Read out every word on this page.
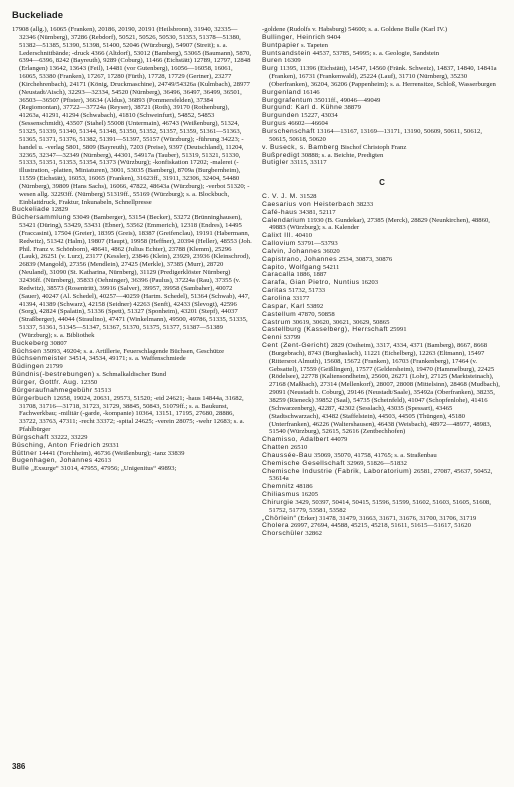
Buckeliade
17908 (allg.), 16065 (Franken), 20186, 20190, 20191 (Heilsbronn), 31940, 32335—32346 (Nürnberg), 37286 (Rebdorf), 50521, 50526, 50530, 51353, 51378—51380, 51382—51385, 51390, 51398, 51400, 52046 (Würzburg), 54907 (Streit); s. a. Lederschnittbände; -druck 4366 (Altdorf), 53012 (Bamberg), 53065 (Baumann), 5870, 6394—6396, 8242 (Bayreuth), 9289 (Coburg), 11466 (Eichstätt) 12789, 12797, 12848 (Erlangen) 13642, 13643 (Feil), 14481 (vor Gutenberg), 16056—16058, 16061, 16065, 53380 (Franken), 17267, 17280 (Fürth), 17728, 17729 (Gertner), 23277 (Kirchehrenbach), 24171 (König, Druckmaschine), 24749/54326a (Kulmbach), 28977 (Neustadt/Aisch), 32293—32334, 54520 (Nürnberg), 36496, 36497, 36499, 36501, 36503—36507 (Pfister), 36634 (Aldus), 36893 (Pommersfelden), 37384 (Regiomontan), 37722—37724a (Reyser), 38721 (Roth), 39170 (Rothenburg), 41263a, 41291, 41294 (Schwabach), 41810 (Schweinfurt), 54852, 54853 (Sessenschmidt), 43507 (Stahel) 55008 (Untermain), 46743 (Weißenburg), 51324, 51325, 51339, 51340, 51344, 51348, 51350, 51352, 51357, 51359, 51361—51363, 51365, 51371, 51376, 51382, 51391—51397, 55157 (Würzburg); -führung 34223; -handel u. -verlag 5801, 5809 (Bayreuth), 7203 (Preise), 9397 (Deutschland), 11204, 32365, 32347—32349 (Nürnberg), 44301, 54917a (Tauber), 51319, 51321, 51330, 51333, 51351, 51353, 51354, 51373 (Würzburg); -konfiskation 17202; -malerei (-illustration, -platten, Miniaturen), 3001, 53035 (Bamberg), 8709a (Burgbernheim), 11559 (Eichstätt), 16053, 16065 (Franken), 31623ff., 31911, 32306, 32404, 54480 (Nürnberg), 39809 (Hans Sachs), 16066, 47822, 48643a (Würzburg); -verbot 51320; -wesen allg. 32293ff. (Nürnberg) 51319ff., 55169 (Würzburg); s. a. Blockbuch, Einblattdruck, Fraktur, Inkunabeln, Schnellpresse
Buckeliade 12829
Büchersammlung 53049 (Bamberger), 53154 (Becker), 53272 (Brünninghausen), 53421 (Düring), 53429, 53431 (Ebner), 53562 (Emmerich), 12318 (Endres), 14495 (Fraccasini), 17504 (Greier), 18395 (Greis), 18387 (Greifenclau), 19191 (Habermann, Redwitz), 51342 (Halm), 19807 (Haupt), 19958 (Heffner), 20394 (Heller), 48553 (Joh. Phil. Franz v. Schönborn), 48641, 4862 (Julius Echter), 23788 (Klemm), 25296 (Lauk), 26251 (v. Lurz), 23177 (Kessler), 23846 (Klein), 23929, 23936 (Kleinschrod), 26839 (Mangold), 27356 (Mendlein), 27425 (Merkle), 37385 (Murr), 28720 (Neuland), 31090 (St. Katharina, Nürnberg), 31129 (Predigerklöster Nürnberg) 32436ff. (Nürnberg), 35833 (Oehninger), 36396 (Paulus), 37224a (Rau), 37355 (v. Redwitz), 38573 (Rosentritt), 39916 (Salver), 39957, 39958 (Sambaher), 40072 (Sauer), 40247 (Al. Schedel), 40257—40259 (Hartm. Schedel), 51364 (Schwab), 447, 41394, 41389 (Schwarz), 42158 (Seidner) 42263 (Senft), 42433 (Slevogt), 42596 (Sorg), 42824 (Spalatin), 51336 (Spett), 51327 (Sponheim), 43201 (Stepf), 44037 (Straßberger), 44044 (Straulino), 47471 (Winkelmann), 49500, 49786, 51335, 51335, 51337, 51361, 51345—51347, 51367, 51370, 51375, 51377, 51387—51389 (Würzburg); s. a. Bibliothek
Buckeberg 30807
Büchsen 35093, 49204; s. a. Artillerie, Feuerschlagende Büchsen, Geschütze
Büchsenmeister 34514, 34534, 49171; s. a. Waffenschmiede
Büdingen 21799
Bündnis(-bestrebungen) s. Schmalkaldischer Bund
Bürger, Gottfr. Aug. 12350
Bürgeraufnahmegebühr 51513
Bürgerbuch 12658, 19024, 20631, 29573, 51520; -eid 24621; -haus 14844a, 31682, 31708, 31716—31718, 31723, 31729, 38845, 50843, 51079ff.; s. a. Baukunst, Fachwerkbau; -militär (-garde, -kompanie) 10364, 13151, 17195, 27680, 28886, 33722, 33763, 47311; -recht 33372; -spital 24625; -verein 28075; -wehr 12683; s. a. Pfahlbürger
Bürgschaft 33222, 33229
Büsching, Anton Friedrich 29331
Büttner 14441 (Forchheim), 46736 (Weißenburg); -tanz 33839
Bugenhagen, Johannes 42613
Bulle „Exsurge“ 31014, 47955, 47956; „Unigenitus“ 49893;
-goldene (Rudolfs v. Habsburg) 54600; s. a. Goldene Bulle (Karl IV.)
Bullinger, Heinrich 9404
Buntpapier s. Tapeten
Buntsandstein 44537, 53785, 54995; s. a. Geologie, Sandstein
Buren 16309
Burg 11395, 11396 (Eichstätt), 14547, 14560 (Fränk. Schweiz), 14837, 14840, 14841a (Franken), 16731 (Frankenwald), 25224 (Lauf), 31710 (Nürnberg), 35230 (Oberfranken), 36204, 36206 (Pappenheim); s. a. Herrensitze, Schloß, Wasserburgen
Burgenland 16146
Burggrafentum 35011ff., 49046—49049
Burgund: Karl d. Kühne 38879
Burgunden 15227, 43034
Burgus 46602—46604
Burschenschaft 13164—13167, 13169—13171, 13190, 50609, 50611, 50612, 50615, 50618, 50620
v. Buseck, s. Bamberg Bischof Christoph Franz
Bußpredigt 30888; s. a. Beichte, Predigten
Butigler 33115, 33117
C
C. V. J. M. 31528
Caesarius von Heisterbach 38233
Café-haus 34381, 52117
Calendarium 11930 (B. Gundekar), 27385 (Merck), 28829 (Neunkirchen), 48860, 49883 (Würzburg); s. a. Kalender
Calixt III. 40410
Callovium 53791—53793
Calvin, Johannes 36020
Capistrano, Johannes 2534, 30873, 30876
Capito, Wolfgang 54211
Caracalla 1886, 1887
Carafa, Gian Pietro, Nuntius 16203
Caritas 51732, 51733
Carolina 33177
Caspar, Karl 53892
Castellum 47870, 50858
Castrum 30619, 30620, 30621, 30629, 50865
Castellburg (Kasselberg), Herrschaft 25991
Cenni 53799
Cent (Zent-Gericht) 2829 (Ostheim), 3317, 4334, 4371 (Bamberg), 8667, 8668 (Burgebrach), 8743 (Burghaslach), 11221 (Eichelberg), 12263 (Eltmann), 15497 (Rittersrot Almuth), 15608, 15672 (Franken), 16703 (Frankenberg), 17464 (v. Gebsattel), 17559 (Geißlingen), 17577 (Geldersheim), 19470 (Hammelburg), 22425 (Rödelsee), 22778 (Kaltensondheim), 25600, 26271 (Lohr), 27125 (Marktsteinach), 27168 (Maßbach), 27314 (Mellenkorf), 28007, 28008 (Mittelsinn), 28468 (Mudbach), 29091 (Neustadt b. Coburg), 29146 (Neustadt/Saale), 35492a (Oberfranken), 38235, 38259 (Rieneck) 39852 (Saal), 54735 (Scheinfeld), 41047 (Schopfenlohe), 41416 (Schwarzenberg), 42287, 42302 (Sesslach), 43035 (Spessart), 43465 (Stadtschwarzach), 43482 (Staffelstein), 44503, 44505 (Thüngen), 45180 (Unterfranken), 46226 (Waltershausen), 46438 (Weisbach), 48972—48977, 48983, 51540 (Würzburg), 52615, 52616 (Zentbechhofen)
Chamisso, Adalbert 44079
Chatten 26510
Chaussée-Bau 35069, 35070, 41758, 41765; s. a. Straßenbau
Chemische Gesellschaft 32969, 51826—51832
Chemische Industrie (Fabrik, Laboratorium) 26581, 27087, 45637, 50452, 53614a
Chemnitz 48186
Chiliasmus 16205
Chirurgie 3429, 50397, 50414, 50415, 51596, 51599, 51602, 51603, 51605, 51608, 51752, 51779, 53581, 53582
„Chörlein“ (Erker) 31478, 31479, 31663, 31671, 31676, 31700, 31706, 31719
Cholera 26997, 27694, 44588, 45215, 45218, 51611, 51615—51617, 51620
Chorschüler 32862
386
